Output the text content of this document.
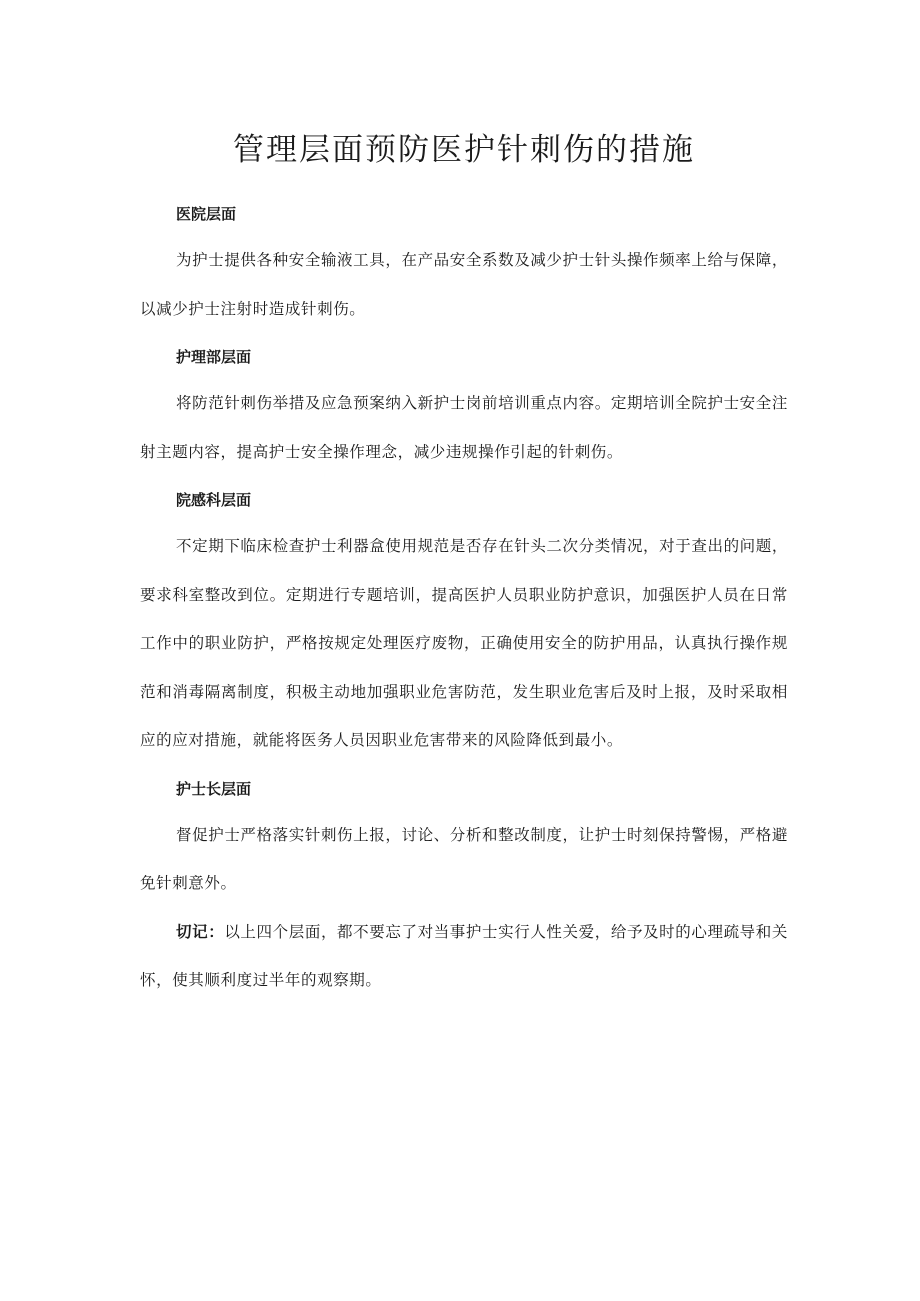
管理层面预防医护针刺伤的措施
医院层面

为护士提供各种安全输液工具，在产品安全系数及减少护士针头操作频率上给与保障，以减少护士注射时造成针刺伤。

护理部层面

将防范针刺伤举措及应急预案纳入新护士岗前培训重点内容。定期培训全院护士安全注射主题内容，提高护士安全操作理念，减少违规操作引起的针刺伤。

院感科层面

不定期下临床检查护士利器盒使用规范是否存在针头二次分类情况，对于查出的问题，要求科室整改到位。定期进行专题培训，提高医护人员职业防护意识，加强医护人员在日常工作中的职业防护，严格按规定处理医疗废物，正确使用安全的防护用品，认真执行操作规范和消毒隔离制度，积极主动地加强职业危害防范，发生职业危害后及时上报，及时采取相应的应对措施，就能将医务人员因职业危害带来的风险降低到最小。

护士长层面

督促护士严格落实针刺伤上报，讨论、分析和整改制度，让护士时刻保持警惕，严格避免针刺意外。

切记：以上四个层面，都不要忘了对当事护士实行人性关爱，给予及时的心理疏导和关怀，使其顺利度过半年的观察期。
